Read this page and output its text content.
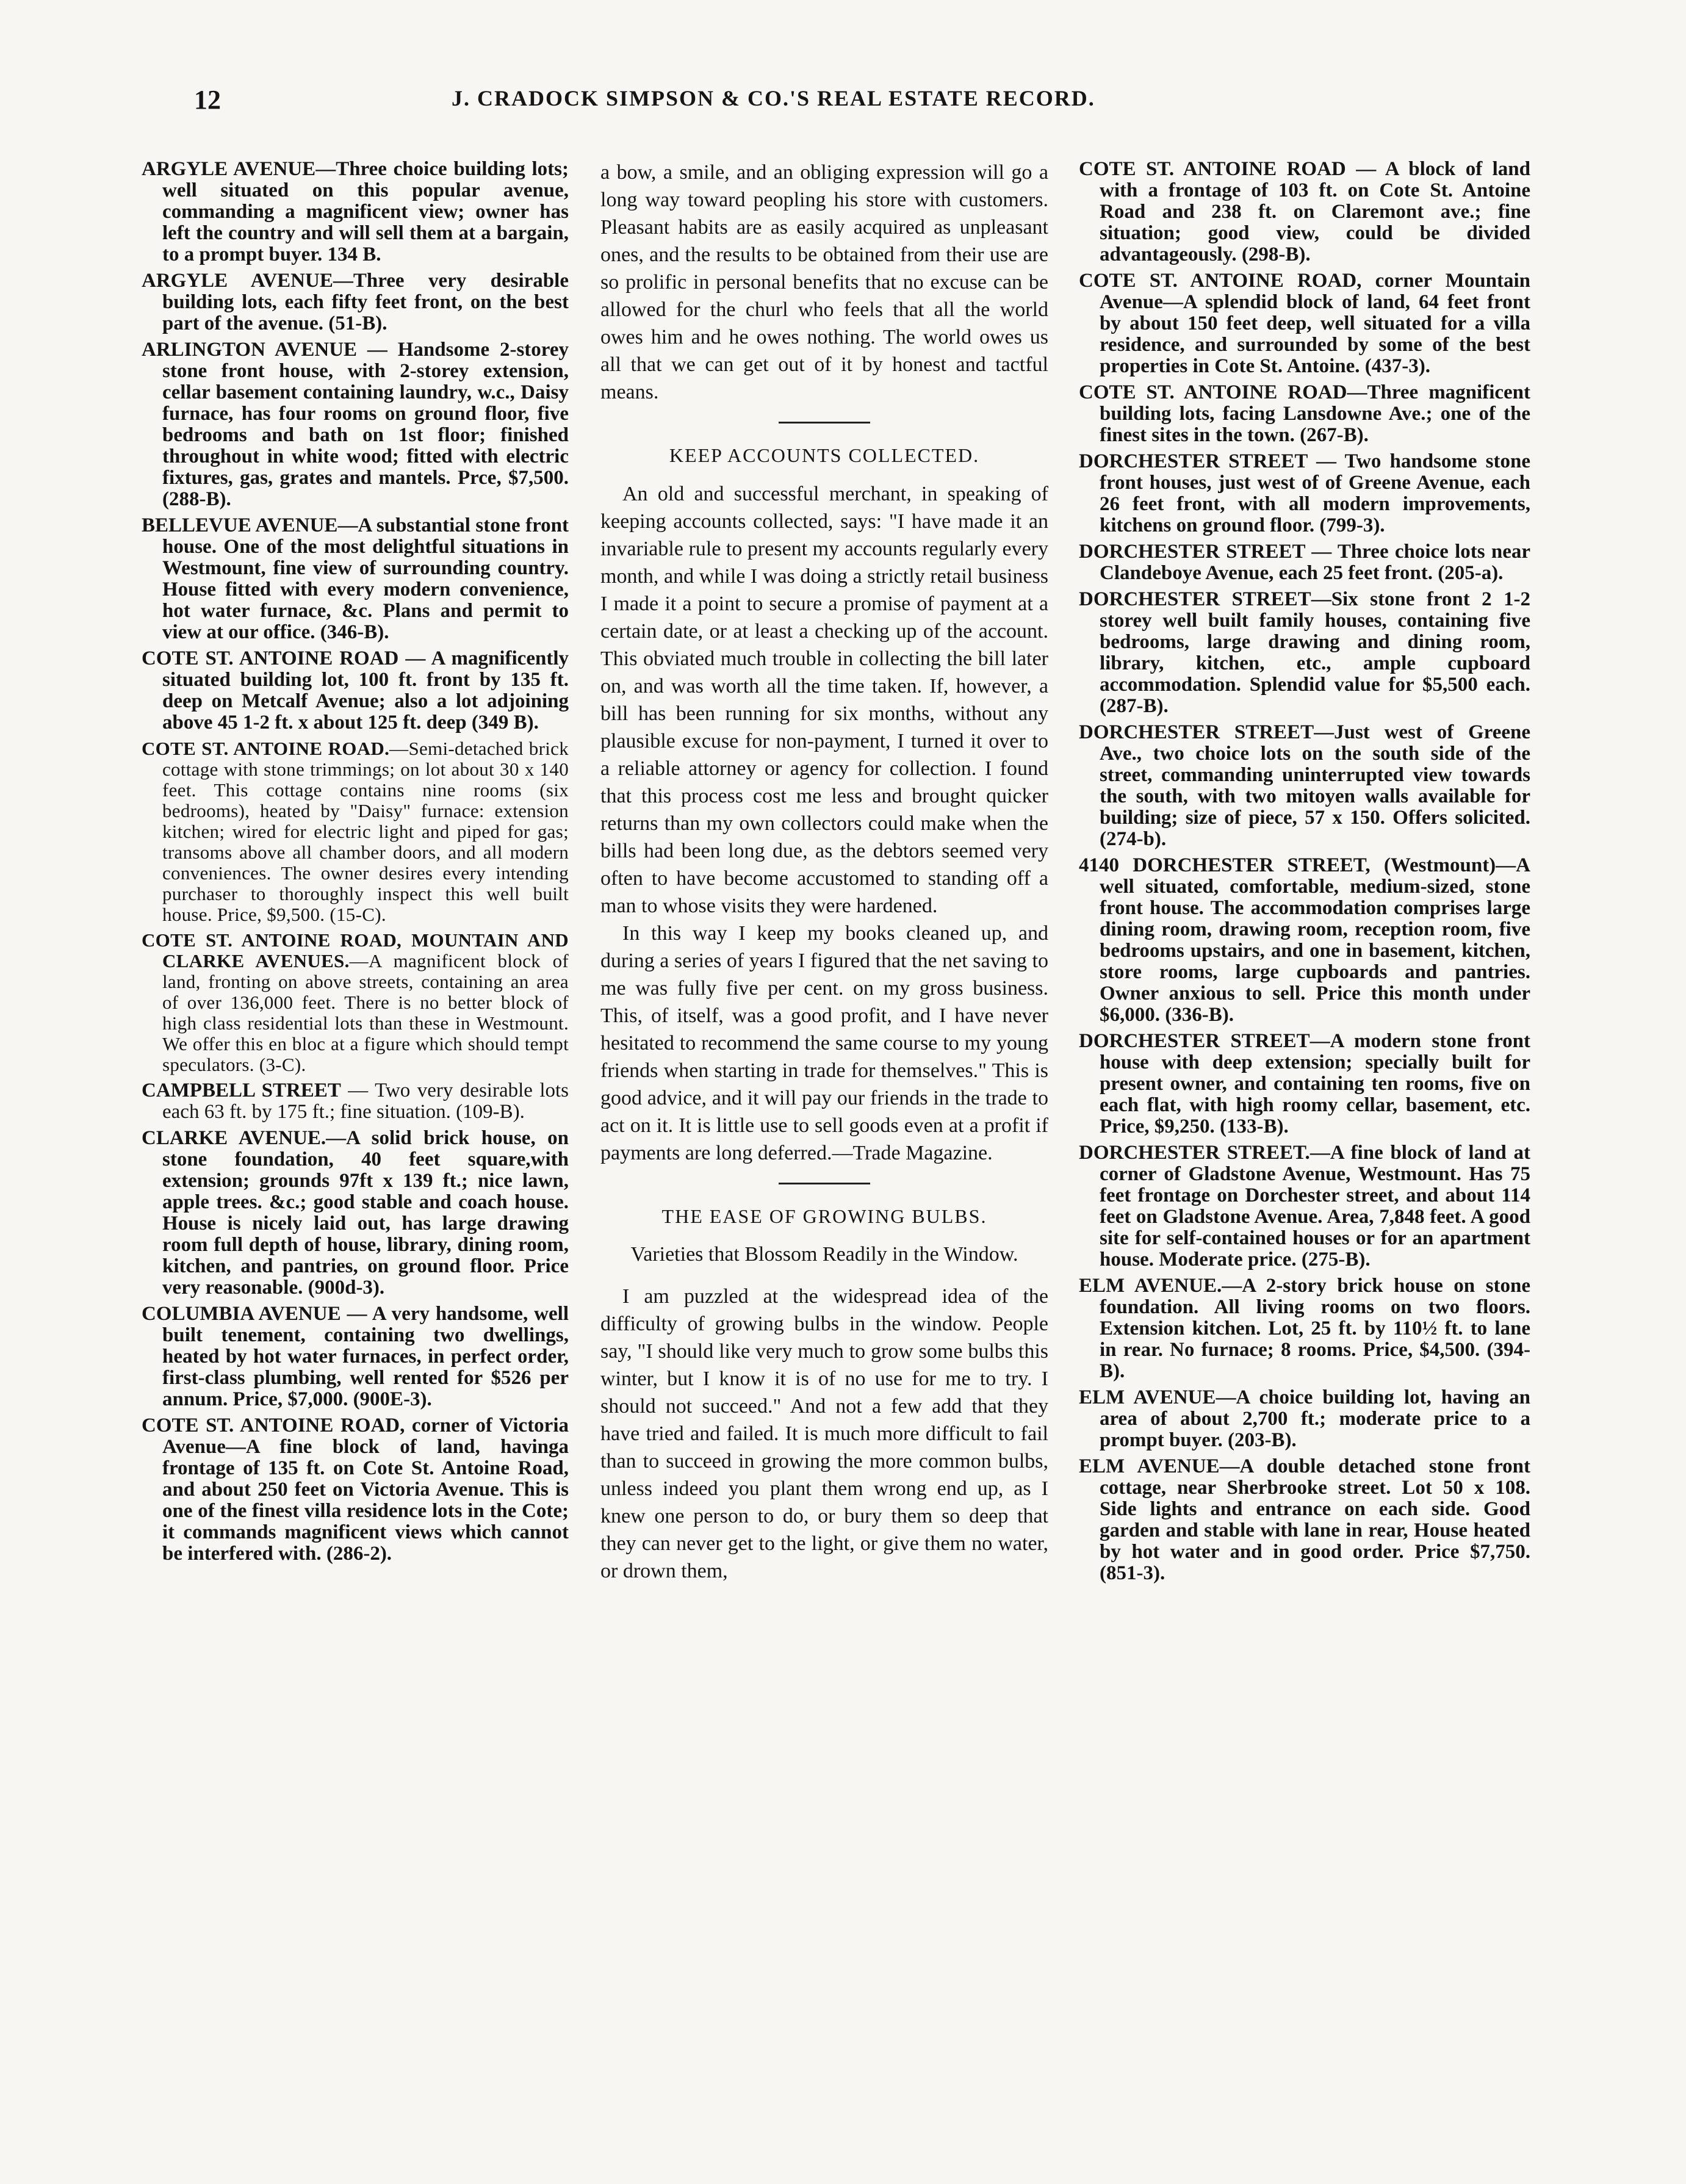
12	J. CRADOCK SIMPSON & CO.'S REAL ESTATE RECORD.

ARGYLE AVENUE—Three choice building lots; well situated on this popular avenue, commanding a magnificent view; owner has left the country and will sell them at a bargain, to a prompt buyer. 134 B.

ARGYLE AVENUE—Three very desirable building lots, each fifty feet front, on the best part of the avenue. (51-B).

ARLINGTON AVENUE — Handsome 2-storey stone front house, with 2-storey extension, cellar basement containing laundry, w.c., Daisy furnace, has four rooms on ground floor, five bedrooms and bath on 1st floor; finished throughout in white wood; fitted with electric fixtures, gas, grates and mantels. Prce, $7,500. (288-B).

BELLEVUE AVENUE—A substantial stone front house. One of the most delightful situations in Westmount, fine view of surrounding country. House fitted with every modern convenience, hot water furnace, &c. Plans and permit to view at our office. (346-B).

COTE ST. ANTOINE ROAD — A magnificently situated building lot, 100 ft. front by 135 ft. deep on Metcalf Avenue; also a lot adjoining above 45 1-2 ft. x about 125 ft. deep (349 B).

COTE ST. ANTOINE ROAD.—Semi-detached brick cottage with stone trimmings; on lot about 30 x 140 feet. This cottage contains nine rooms (six bedrooms), heated by "Daisy" furnace: extension kitchen; wired for electric light and piped for gas; transoms above all chamber doors, and all modern conveniences. The owner desires every intending purchaser to thoroughly inspect this well built house. Price, $9,500. (15-C).

COTE ST. ANTOINE ROAD, MOUNTAIN AND CLARKE AVENUES.—A magnificent block of land, fronting on above streets, containing an area of over 136,000 feet. There is no better block of high class residential lots than these in Westmount. We offer this en bloc at a figure which should tempt speculators. (3-C).

CAMPBELL STREET — Two very desirable lots each 63 ft. by 175 ft.; fine situation. (109-B).

CLARKE AVENUE.—A solid brick house, on stone foundation, 40 feet square,with extension; grounds 97ft x 139 ft.; nice lawn, apple trees. &c.; good stable and coach house. House is nicely laid out, has large drawing room full depth of house, library, dining room, kitchen, and pantries, on ground floor. Price very reasonable. (900d-3).

COLUMBIA AVENUE — A very handsome, well built tenement, containing two dwellings, heated by hot water furnaces, in perfect order, first-class plumbing, well rented for $526 per annum. Price, $7,000. (900E-3).

COTE ST. ANTOINE ROAD, corner of Victoria Avenue—A fine block of land, havinga frontage of 135 ft. on Cote St. Antoine Road, and about 250 feet on Victoria Avenue. This is one of the finest villa residence lots in the Cote; it commands magnificent views which cannot be interfered with. (286-2).

a bow, a smile, and an obliging expression will go a long way toward peopling his store with customers. Pleasant habits are as easily acquired as unpleasant ones, and the results to be obtained from their use are so prolific in personal benefits that no excuse can be allowed for the churl who feels that all the world owes him and he owes nothing. The world owes us all that we can get out of it by honest and tactful means.

KEEP ACCOUNTS COLLECTED.

An old and successful merchant, in speaking of keeping accounts collected, says: "I have made it an invariable rule to present my accounts regularly every month, and while I was doing a strictly retail business I made it a point to secure a promise of payment at a certain date, or at least a checking up of the account. This obviated much trouble in collecting the bill later on, and was worth all the time taken. If, however, a bill has been running for six months, without any plausible excuse for non-payment, I turned it over to a reliable attorney or agency for collection. I found that this process cost me less and brought quicker returns than my own collectors could make when the bills had been long due, as the debtors seemed very often to have become accustomed to standing off a man to whose visits they were hardened.

In this way I keep my books cleaned up, and during a series of years I figured that the net saving to me was fully five per cent. on my gross business. This, of itself, was a good profit, and I have never hesitated to recommend the same course to my young friends when starting in trade for themselves." This is good advice, and it will pay our friends in the trade to act on it. It is little use to sell goods even at a profit if payments are long deferred.—Trade Magazine.

THE EASE OF GROWING BULBS.
Varieties that Blossom Readily in the Window.

I am puzzled at the widespread idea of the difficulty of growing bulbs in the window. People say, "I should like very much to grow some bulbs this winter, but I know it is of no use for me to try. I should not succeed." And not a few add that they have tried and failed. It is much more difficult to fail than to succeed in growing the more common bulbs, unless indeed you plant them wrong end up, as I knew one person to do, or bury them so deep that they can never get to the light, or give them no water, or drown them,

COTE ST. ANTOINE ROAD — A block of land with a frontage of 103 ft. on Cote St. Antoine Road and 238 ft. on Claremont ave.; fine situation; good view, could be divided advantageously. (298-B).

COTE ST. ANTOINE ROAD, corner Mountain Avenue—A splendid block of land, 64 feet front by about 150 feet deep, well situated for a villa residence, and surrounded by some of the best properties in Cote St. Antoine. (437-3).

COTE ST. ANTOINE ROAD—Three magnificent building lots, facing Lansdowne Ave.; one of the finest sites in the town. (267-B).

DORCHESTER STREET — Two handsome stone front houses, just west of of Greene Avenue, each 26 feet front, with all modern improvements, kitchens on ground floor. (799-3).

DORCHESTER STREET — Three choice lots near Clandeboye Avenue, each 25 feet front. (205-a).

DORCHESTER STREET—Six stone front 2 1-2 storey well built family houses, containing five bedrooms, large drawing and dining room, library, kitchen, etc., ample cupboard accommodation. Splendid value for $5,500 each. (287-B).

DORCHESTER STREET—Just west of Greene Ave., two choice lots on the south side of the street, commanding uninterrupted view towards the south, with two mitoyen walls available for building; size of piece, 57 x 150. Offers solicited. (274-b).

4140 DORCHESTER STREET, (Westmount)—A well situated, comfortable, medium-sized, stone front house. The accommodation comprises large dining room, drawing room, reception room, five bedrooms upstairs, and one in basement, kitchen, store rooms, large cupboards and pantries. Owner anxious to sell. Price this month under $6,000. (336-B).

DORCHESTER STREET—A modern stone front house with deep extension; specially built for present owner, and containing ten rooms, five on each flat, with high roomy cellar, basement, etc. Price, $9,250. (133-B).

DORCHESTER STREET.—A fine block of land at corner of Gladstone Avenue, Westmount. Has 75 feet frontage on Dorchester street, and about 114 feet on Gladstone Avenue. Area, 7,848 feet. A good site for self-contained houses or for an apartment house. Moderate price. (275-B).

ELM AVENUE.—A 2-story brick house on stone foundation. All living rooms on two floors. Extension kitchen. Lot, 25 ft. by 110½ ft. to lane in rear. No furnace; 8 rooms. Price, $4,500. (394-B).

ELM AVENUE—A choice building lot, having an area of about 2,700 ft.; moderate price to a prompt buyer. (203-B).

ELM AVENUE—A double detached stone front cottage, near Sherbrooke street. Lot 50 x 108. Side lights and entrance on each side. Good garden and stable with lane in rear, House heated by hot water and in good order. Price $7,750. (851-3).
